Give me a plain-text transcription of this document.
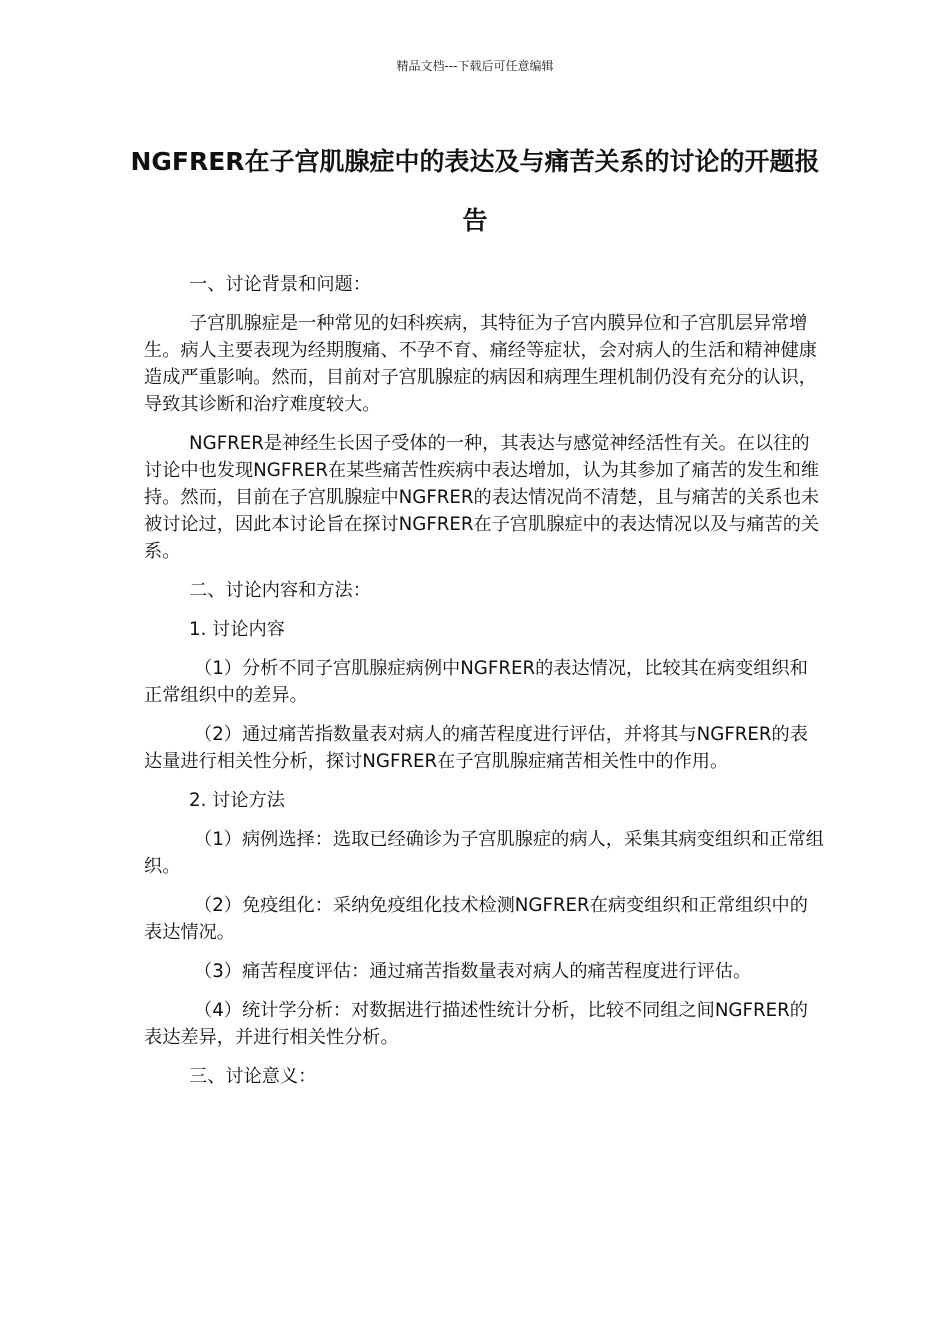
精品文档---下载后可任意编辑
NGFRER在子宫肌腺症中的表达及与痛苦关系的讨论的开题报告

一、讨论背景和问题：

子宫肌腺症是一种常见的妇科疾病，其特征为子宫内膜异位和子宫肌层异常增生。病人主要表现为经期腹痛、不孕不育、痛经等症状，会对病人的生活和精神健康造成严重影响。然而，目前对子宫肌腺症的病因和病理生理机制仍没有充分的认识，导致其诊断和治疗难度较大。

NGFRER是神经生长因子受体的一种，其表达与感觉神经活性有关。在以往的讨论中也发现NGFRER在某些痛苦性疾病中表达增加，认为其参加了痛苦的发生和维持。然而，目前在子宫肌腺症中NGFRER的表达情况尚不清楚，且与痛苦的关系也未被讨论过，因此本讨论旨在探讨NGFRER在子宫肌腺症中的表达情况以及与痛苦的关系。

二、讨论内容和方法：

1. 讨论内容

（1）分析不同子宫肌腺症病例中NGFRER的表达情况，比较其在病变组织和正常组织中的差异。

（2）通过痛苦指数量表对病人的痛苦程度进行评估，并将其与NGFRER的表达量进行相关性分析，探讨NGFRER在子宫肌腺症痛苦相关性中的作用。

2. 讨论方法

（1）病例选择：选取已经确诊为子宫肌腺症的病人，采集其病变组织和正常组织。

（2）免疫组化：采纳免疫组化技术检测NGFRER在病变组织和正常组织中的表达情况。

（3）痛苦程度评估：通过痛苦指数量表对病人的痛苦程度进行评估。

（4）统计学分析：对数据进行描述性统计分析，比较不同组之间NGFRER的表达差异，并进行相关性分析。

三、讨论意义：
